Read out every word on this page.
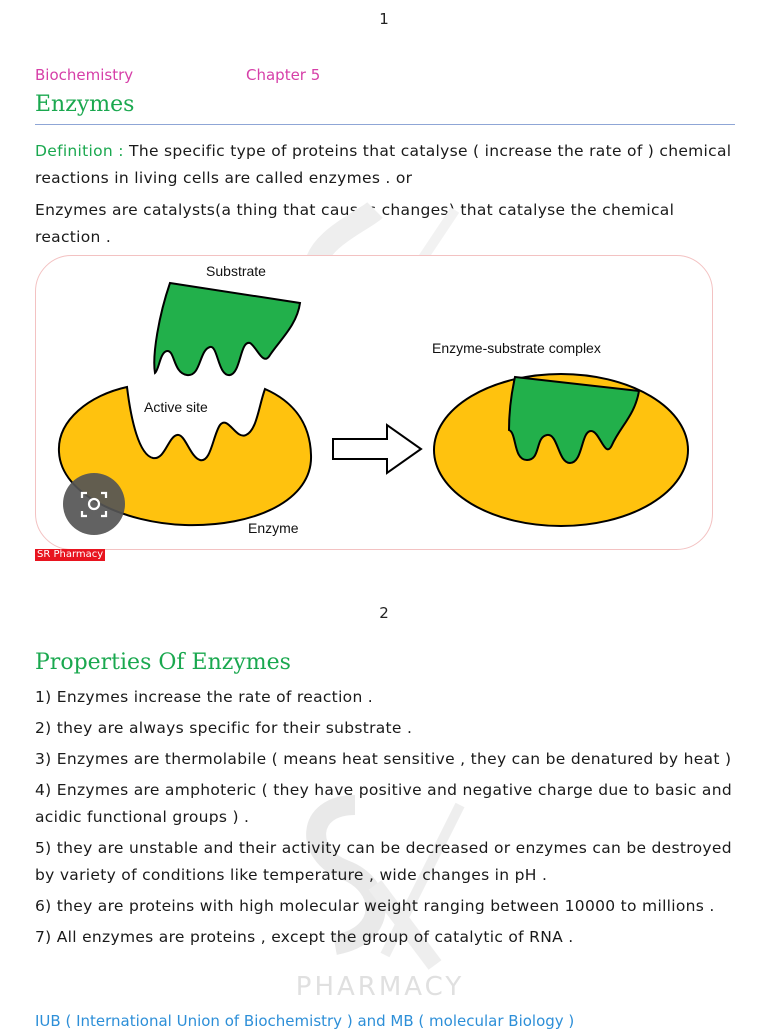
1
Biochemistry	Chapter 5
Enzymes
Definition : The specific type of proteins that catalyse ( increase the rate of ) chemical reactions in living cells are called enzymes . or
Enzymes are catalysts(a thing that causes changes) that catalyse the chemical reaction .
Substrate
Enzyme-substrate complex
Active site
Enzyme
SR Pharmacy
2
Properties Of Enzymes
PHARMACY
1) Enzymes increase the rate of reaction .
2) they are always specific for their substrate .
3) Enzymes are thermolabile ( means heat sensitive , they can be denatured by heat )
4) Enzymes are amphoteric ( they have positive and negative charge due to basic and acidic functional groups ) .
5) they are unstable and their activity can be decreased or enzymes can be destroyed by variety of conditions like temperature , wide changes in pH .
6) they are proteins with high molecular weight ranging between 10000 to millions .
7) All enzymes are proteins , except the group of catalytic of RNA .
IUB ( International Union of Biochemistry ) and MB ( molecular Biology )
